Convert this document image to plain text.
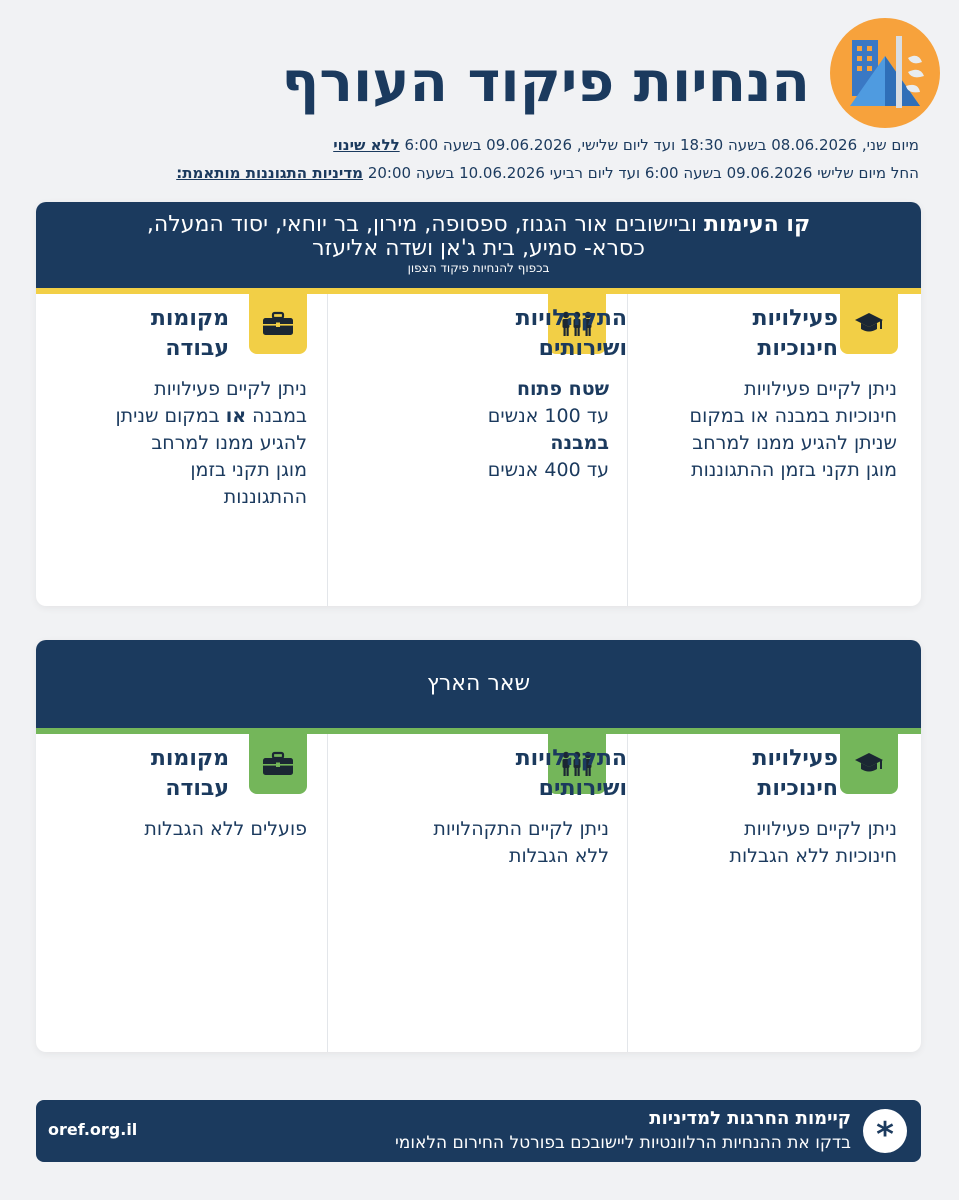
הנחיות פיקוד העורף
מיום שני, 08.06.2026 בשעה 18:30 ועד ליום שלישי, 09.06.2026 בשעה 6:00 ללא שינוי
החל מיום שלישי 09.06.2026 בשעה 6:00 ועד ליום רביעי 10.06.2026 בשעה 20:00 מדיניות התגוננות מותאמת:
קו העימות וביישובים אור הגנוז, ספסופה, מירון, בר יוחאי, יסוד המעלה,
כסרא- סמיע, בית ג'אן ושדה אליעזר
בכפוף להנחיות פיקוד הצפון
פעילויות
חינוכיות
ניתן לקיים פעילויות
חינוכיות במבנה או במקום
שניתן להגיע ממנו למרחב
מוגן תקני בזמן ההתגוננות
התקהלויות
ושירותים
שטח פתוח
עד 100 אנשים
במבנה
עד 400 אנשים
מקומות
עבודה
ניתן לקיים פעילויות
במבנה או במקום שניתן
להגיע ממנו למרחב
מוגן תקני בזמן
ההתגוננות
שאר הארץ
פעילויות
חינוכיות
ניתן לקיים פעילויות
חינוכיות ללא הגבלות
התקהלויות
ושירותים
ניתן לקיים התקהלויות
ללא הגבלות
מקומות
עבודה
פועלים ללא הגבלות
*
קיימות החרגות למדיניות
בדקו את ההנחיות הרלוונטיות ליישובכם בפורטל החירום הלאומי
oref.org.il
